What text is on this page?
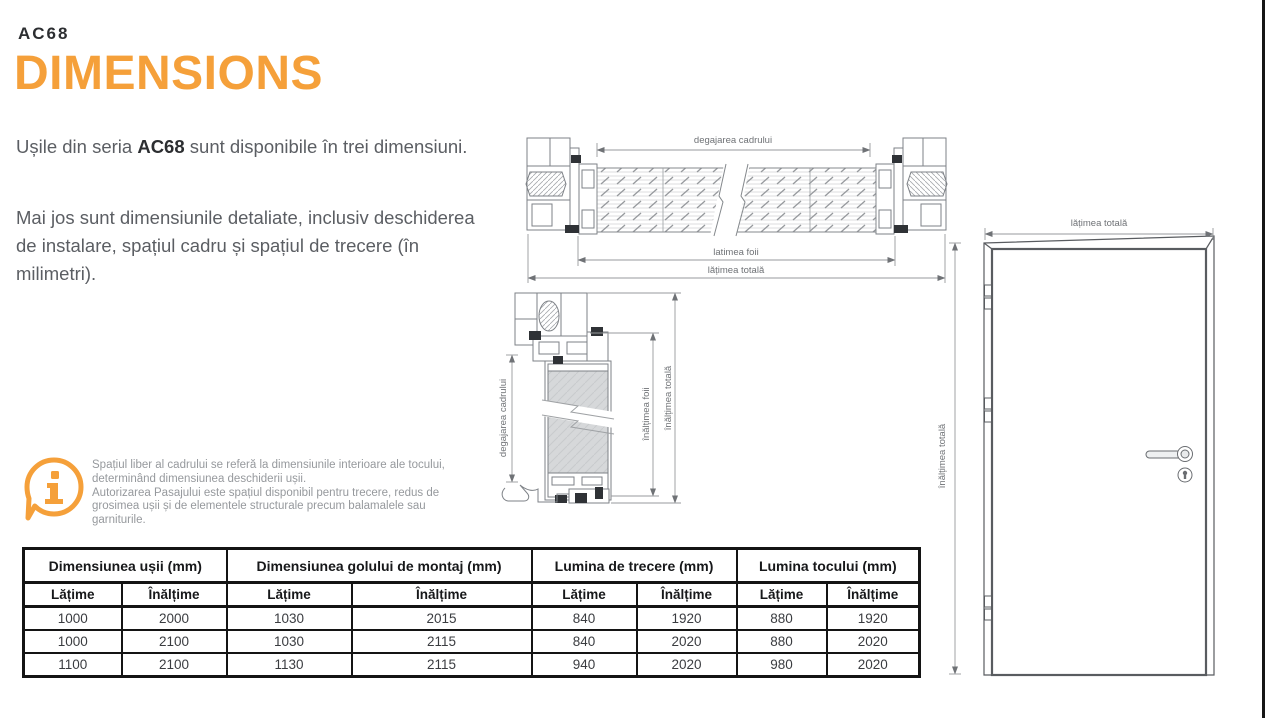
AC68
DIMENSIONS
Ușile din seria AC68 sunt disponibile în trei dimensiuni.
Mai jos sunt dimensiunile detaliate, inclusiv deschiderea de instalare, spațiul cadru și spațiul de trecere (în milimetri).
Spațiul liber al cadrului se referă la dimensiunile interioare ale tocului, determinând dimensiunea deschiderii ușii.
Autorizarea Pasajului este spațiul disponibil pentru trecere, redus de grosimea ușii și de elementele structurale precum balamalele sau garniturile.
degajarea cadrului
latimea foii
lățimea totală
degajarea cadrului	înălțimea foii înălțimea totală
lățimea totală
înălțimea totală
Dimensiunea ușii (mm)		Dimensiunea golului de montaj (mm)		Lumina de trecere (mm)		Lumina tocului (mm)	
Lățime	Înălțime	Lățime	Înălțime	Lățime	Înălțime	Lățime	Înălțime
1000	2000	1030	2015	840	1920	880	1920
1000	2100	1030	2115	840	2020	880	2020
1100	2100	1130	2115	940	2020	980	2020
